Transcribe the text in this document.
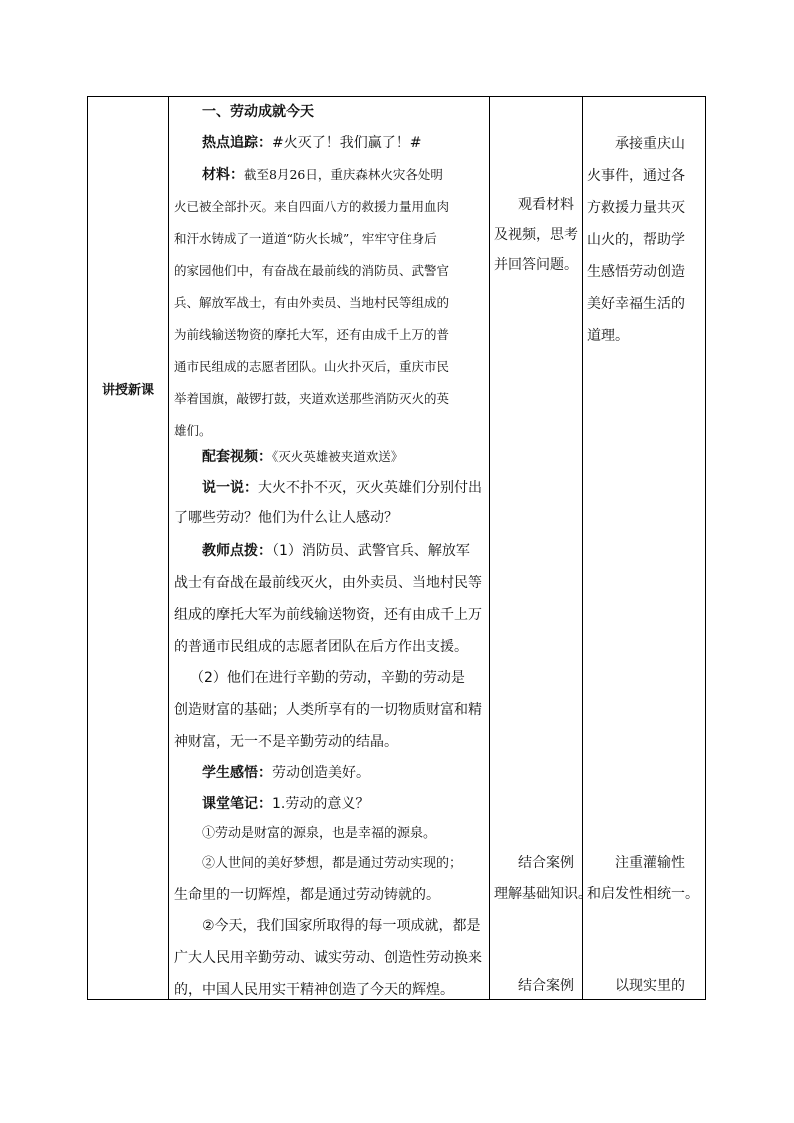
讲授新课

一、劳动成就今天

热点追踪：#火灭了！我们赢了！#

材料：截至8月26日，重庆森林火灾各处明
火已被全部扑灭。来自四面八方的救援力量用血肉
和汗水铸成了一道道“防火长城”，牢牢守住身后
的家园他们中，有奋战在最前线的消防员、武警官
兵、解放军战士，有由外卖员、当地村民等组成的
为前线输送物资的摩托大军，还有由成千上万的普
通市民组成的志愿者团队。山火扑灭后，重庆市民
举着国旗，敲锣打鼓，夹道欢送那些消防灭火的英
雄们。

配套视频：《灭火英雄被夹道欢送》

说一说：大火不扑不灭，灭火英雄们分别付出
了哪些劳动？他们为什么让人感动？
教师点拨：（1）消防员、武警官兵、解放军
战士有奋战在最前线灭火，由外卖员、当地村民等
组成的摩托大军为前线输送物资，还有由成千上万
的普通市民组成的志愿者团队在后方作出支援。
（2）他们在进行辛勤的劳动，辛勤的劳动是
创造财富的基础；人类所享有的一切物质财富和精
神财富，无一不是辛勤劳动的结晶。

学生感悟：劳动创造美好。

课堂笔记：1.劳动的意义？

①劳动是财富的源泉，也是幸福的源泉。

②人世间的美好梦想，都是通过劳动实现的；
生命里的一切辉煌，都是通过劳动铸就的。
②今天，我们国家所取得的每一项成就，都是
广大人民用辛勤劳动、诚实劳动、创造性劳动换来
的，中国人民用实干精神创造了今天的辉煌。
观看材料
及视频，思考
并回答问题。
结合案例
理解基础知识。
结合案例
承接重庆山
火事件，通过各
方救援力量共灭
山火的，帮助学
生感悟劳动创造
美好幸福生活的
道理。
注重灌输性
和启发性相统一。
以现实里的
